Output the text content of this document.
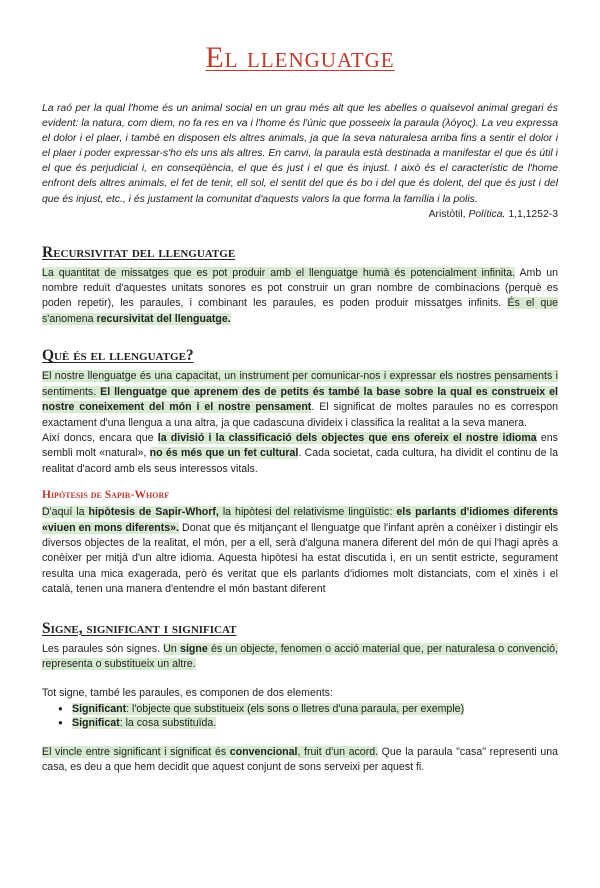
El llenguatge

La raó per la qual l'home és un animal social en un grau més alt que les abelles o qualsevol animal gregari és evident: la natura, com diem, no fa res en va i l'home és l'únic que posseeix la paraula (λóγος). La veu expressa el dolor i el plaer, i també en disposen els altres animals, ja que la seva naturalesa arriba fins a sentir el dolor i el plaer i poder expressar-s'ho els uns als altres. En canvi, la paraula està destinada a manifestar el que és útil i el que és perjudicial i, en conseqüència, el que és just i el que és injust. I això és el característic de l'home enfront dels altres animals, el fet de tenir, ell sol, el sentit del que és bo i del que és dolent, del que és just i del que és injust, etc., i és justament la comunitat d'aquests valors la que forma la família i la polis.

Aristòtil, Política. 1,1,1252-3
Recursivitat del llenguatge

La quantitat de missatges que es pot produir amb el llenguatge humà és potencialment infinita. Amb un nombre reduït d'aquestes unitats sonores es pot construir un gran nombre de combinacions (perquè es poden repetir), les paraules, i combinant les paraules, es poden produir missatges infinits. És el que s'anomena recursivitat del llenguatge.

Què és el llenguatge?

El nostre llenguatge és una capacitat, un instrument per comunicar-nos i expressar els nostres pensaments i sentiments. El llenguatge que aprenem des de petits és també la base sobre la qual es construeix el nostre coneixement del món i el nostre pensament. El significat de moltes paraules no es correspon exactament d'una llengua a una altra, ja que cadascuna divideix i classifica la realitat a la seva manera.

Així doncs, encara que la divisió i la classificació dels objectes que ens ofereix el nostre idioma ens sembli molt «natural», no és més que un fet cultural. Cada societat, cada cultura, ha dividit el continu de la realitat d'acord amb els seus interessos vitals.

Hipòtesis de Sapir-Whorf

D'aquí la hipòtesis de Sapir-Whorf, la hipòtesi del relativisme lingüístic: els parlants d'idiomes diferents «viuen en mons diferents». Donat que és mitjançant el llenguatge que l'infant aprèn a conèixer i distingir els diversos objectes de la realitat, el món, per a ell, serà d'alguna manera diferent del món de qui l'hagi après a conèixer per mitjà d'un altre idioma. Aquesta hipòtesi ha estat discutida i, en un sentit estricte, segurament resulta una mica exagerada, però és veritat que els parlants d'idiomes molt distanciats, com el xinès i el català, tenen una manera d'entendre el món bastant diferent

Signe, significant i significat

Les paraules són signes. Un signe és un objecte, fenomen o acció material que, per naturalesa o convenció, representa o substitueix un altre.

Tot signe, també les paraules, es componen de dos elements:

● Significant: l'objecte que substitueix (els sons o lletres d'una paraula, per exemple)
● Significat: la cosa substituïda.

El vincle entre significant i significat és convencional, fruit d'un acord. Que la paraula "casa" representi una casa, es deu a que hem decidit que aquest conjunt de sons serveixi per aquest fi.
